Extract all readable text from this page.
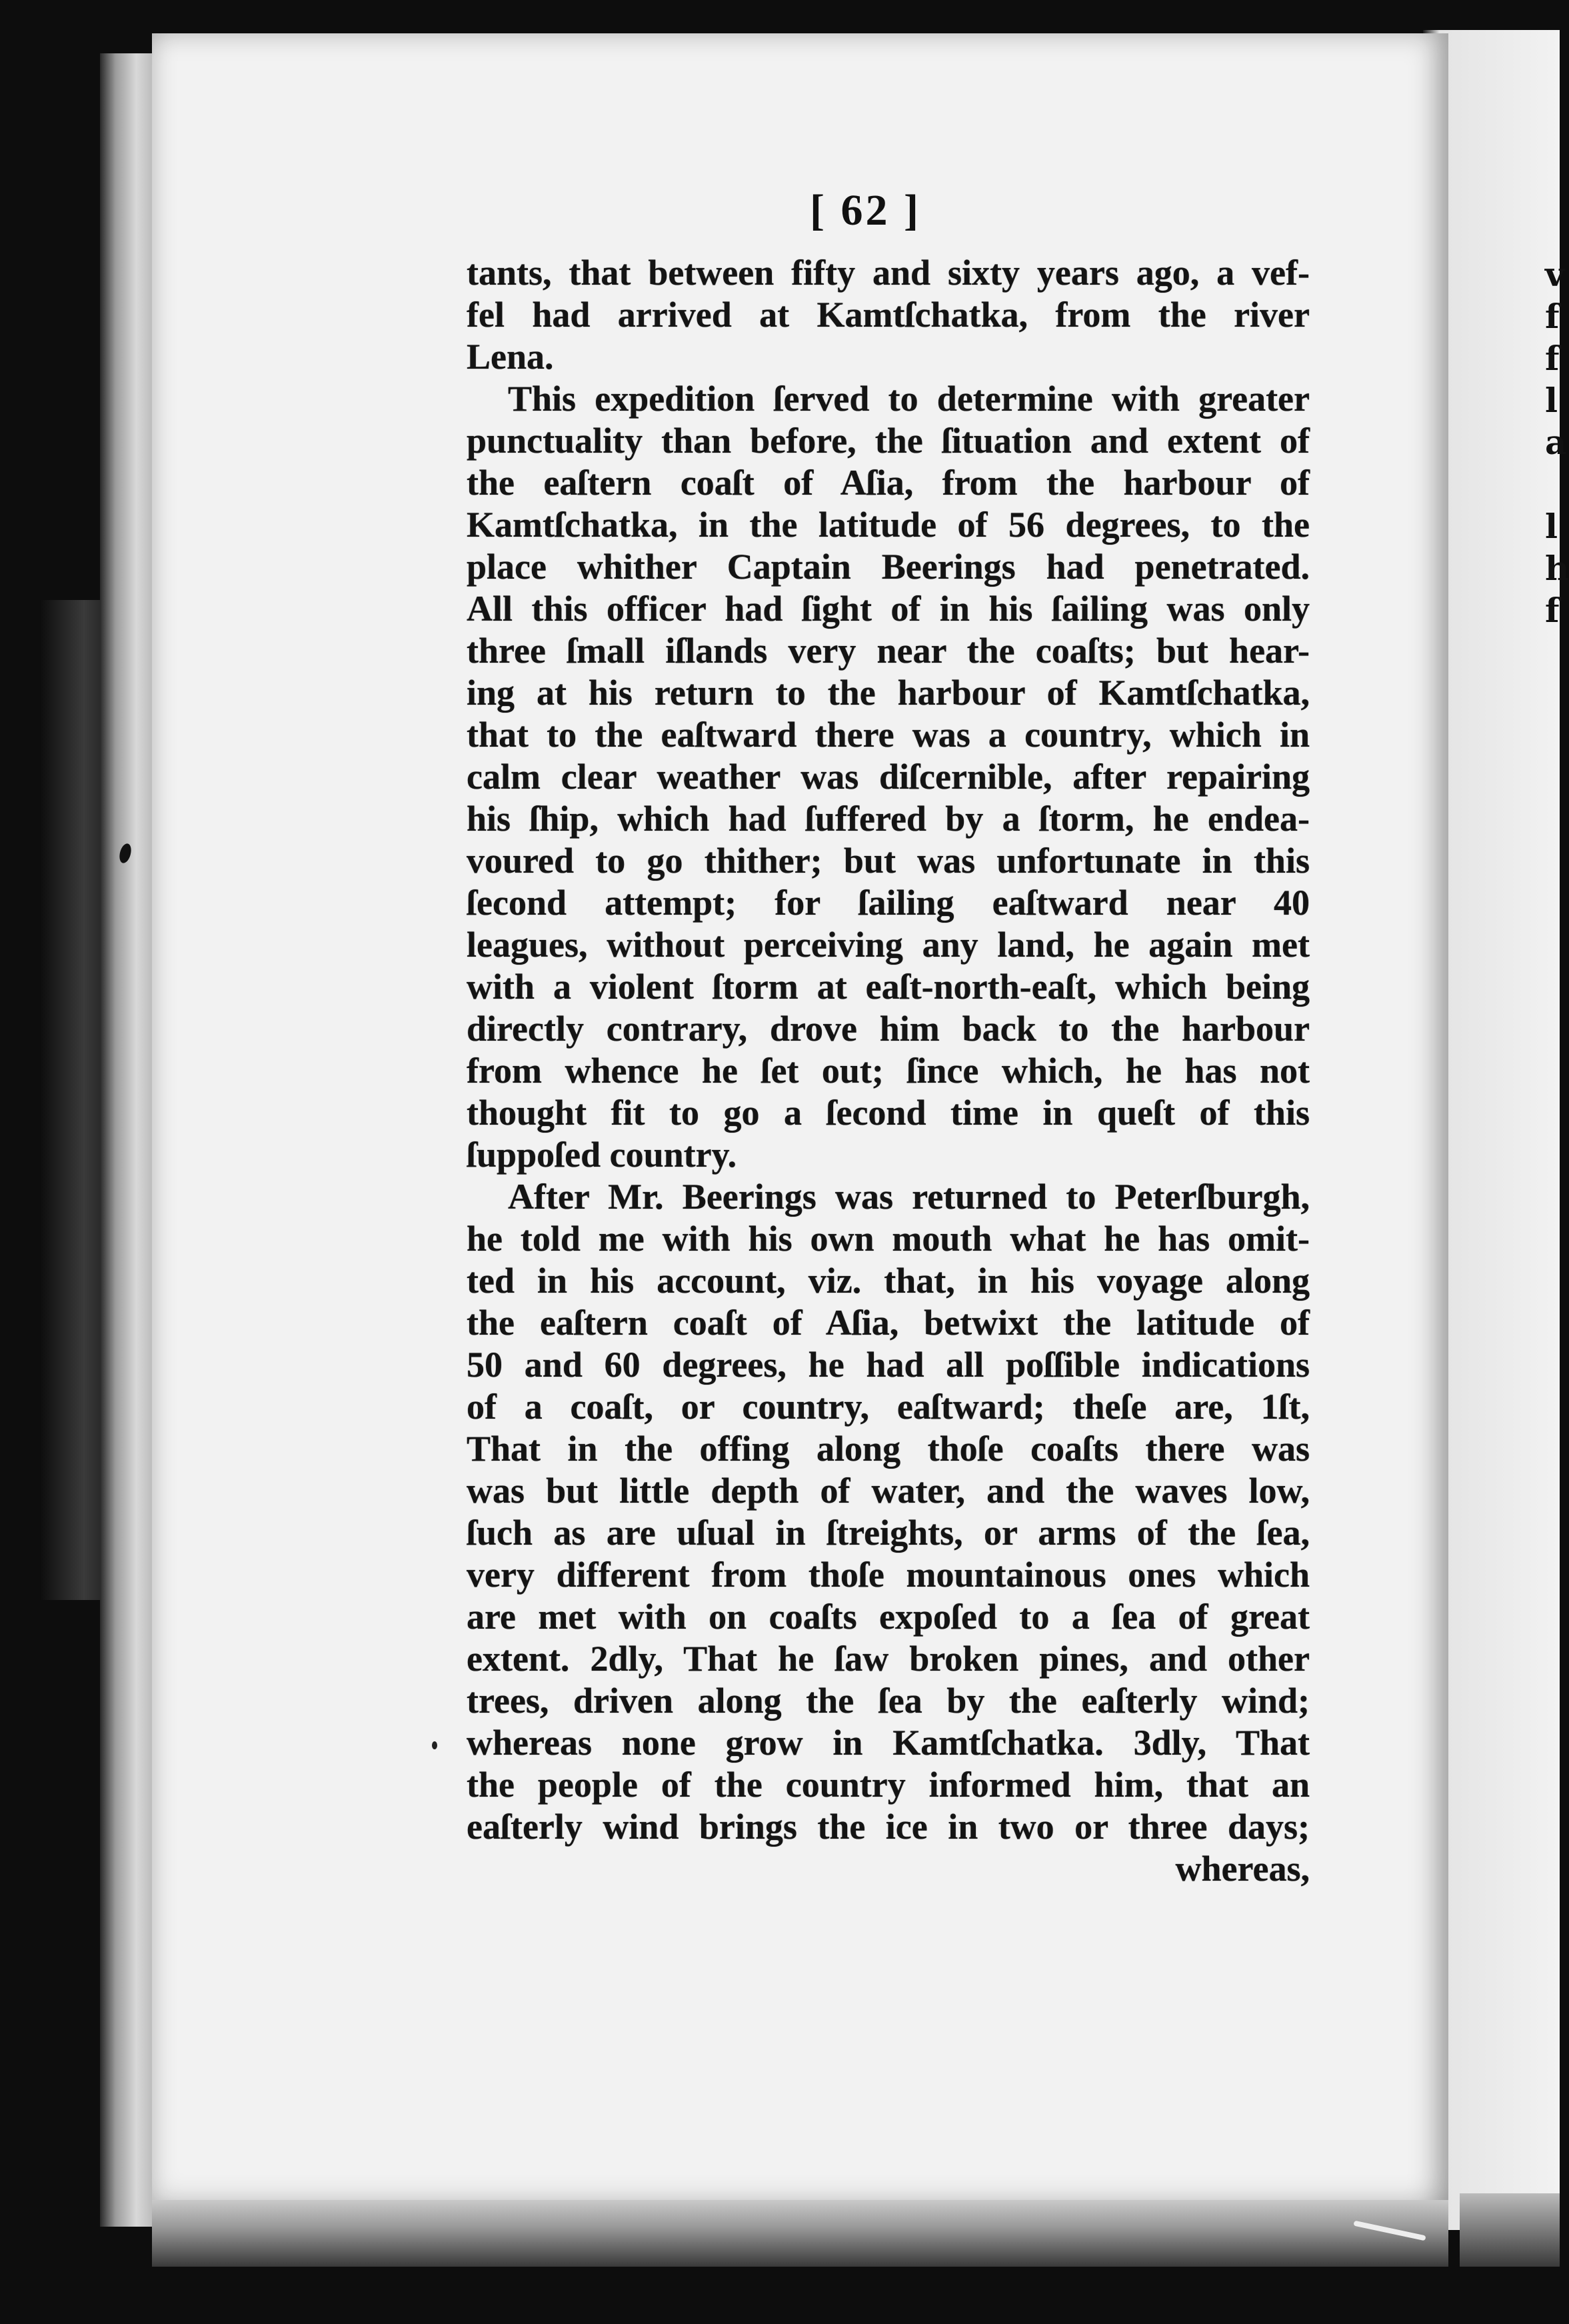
v
f
f
l
a
l
h
f
[ 62 ]
tants, that between fifty and sixty years ago, a vef-
fel had arrived at Kamtſchatka, from the river
Lena.
This expedition ſerved to determine with greater
punctuality than before, the ſituation and extent of
the eaſtern coaſt of Aſia, from the harbour of
Kamtſchatka, in the latitude of 56 degrees, to the
place whither Captain Beerings had penetrated.
All this officer had ſight of in his ſailing was only
three ſmall iſlands very near the coaſts; but hear-
ing at his return to the harbour of Kamtſchatka,
that to the eaſtward there was a country, which in
calm clear weather was diſcernible, after repairing
his ſhip, which had ſuffered by a ſtorm, he endea-
voured to go thither; but was unfortunate in this
ſecond attempt; for ſailing eaſtward near 40
leagues, without perceiving any land, he again met
with a violent ſtorm at eaſt-north-eaſt, which being
directly contrary, drove him back to the harbour
from whence he ſet out; ſince which, he has not
thought fit to go a ſecond time in queſt of this
ſuppoſed country.
After Mr. Beerings was returned to Peterſburgh,
he told me with his own mouth what he has omit-
ted in his account, viz. that, in his voyage along
the eaſtern coaſt of Aſia, betwixt the latitude of
50 and 60 degrees, he had all poſſible indications
of a coaſt, or country, eaſtward; theſe are, 1ſt,
That in the offing along thoſe coaſts there was
was but little depth of water, and the waves low,
ſuch as are uſual in ſtreights, or arms of the ſea,
very different from thoſe mountainous ones which
are met with on coaſts expoſed to a ſea of great
extent. 2dly, That he ſaw broken pines, and other
trees, driven along the ſea by the eaſterly wind;
whereas none grow in Kamtſchatka. 3dly, That
the people of the country informed him, that an
eaſterly wind brings the ice in two or three days;
whereas,
